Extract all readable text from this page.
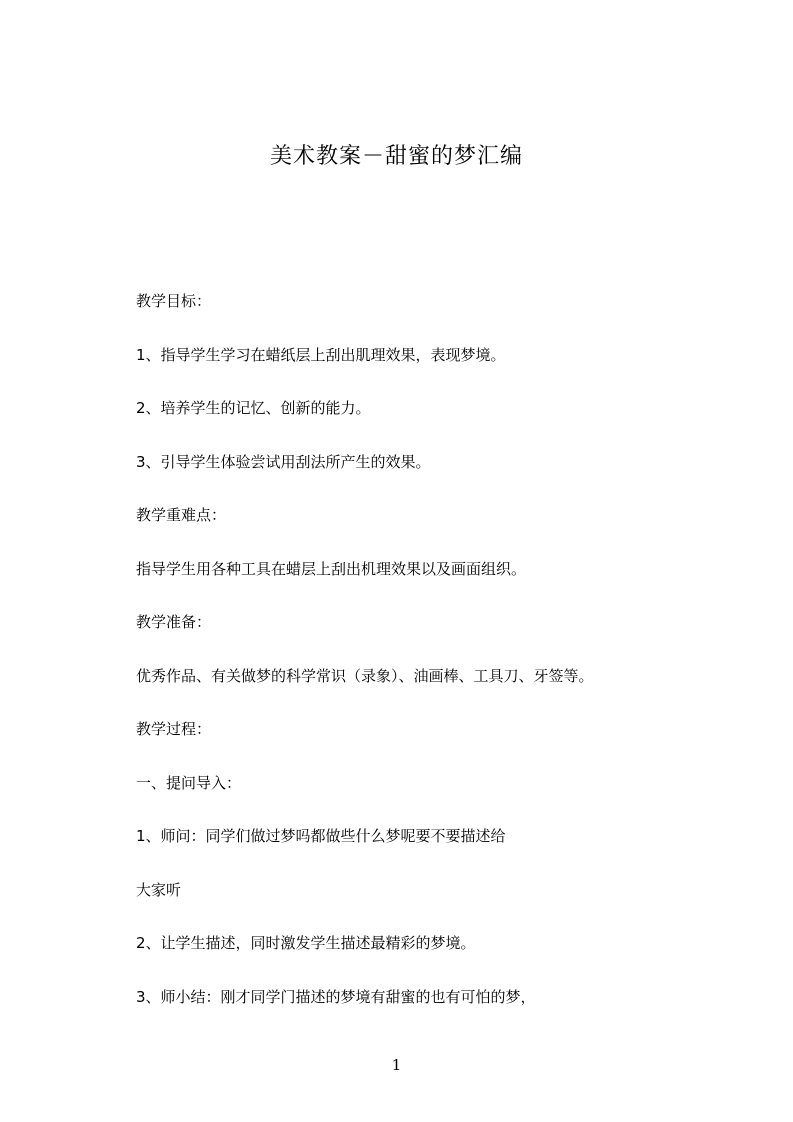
美术教案－甜蜜的梦汇编
教学目标：
1、指导学生学习在蜡纸层上刮出肌理效果，表现梦境。
2、培养学生的记忆、创新的能力。
3、引导学生体验尝试用刮法所产生的效果。
教学重难点：
指导学生用各种工具在蜡层上刮出机理效果以及画面组织。
教学准备：
优秀作品、有关做梦的科学常识（录象）、油画棒、工具刀、牙签等。
教学过程：
一、提问导入：
1、师问：同学们做过梦吗都做些什么梦呢要不要描述给
大家听
2、让学生描述，同时激发学生描述最精彩的梦境。
3、师小结：刚才同学门描述的梦境有甜蜜的也有可怕的梦，
1
